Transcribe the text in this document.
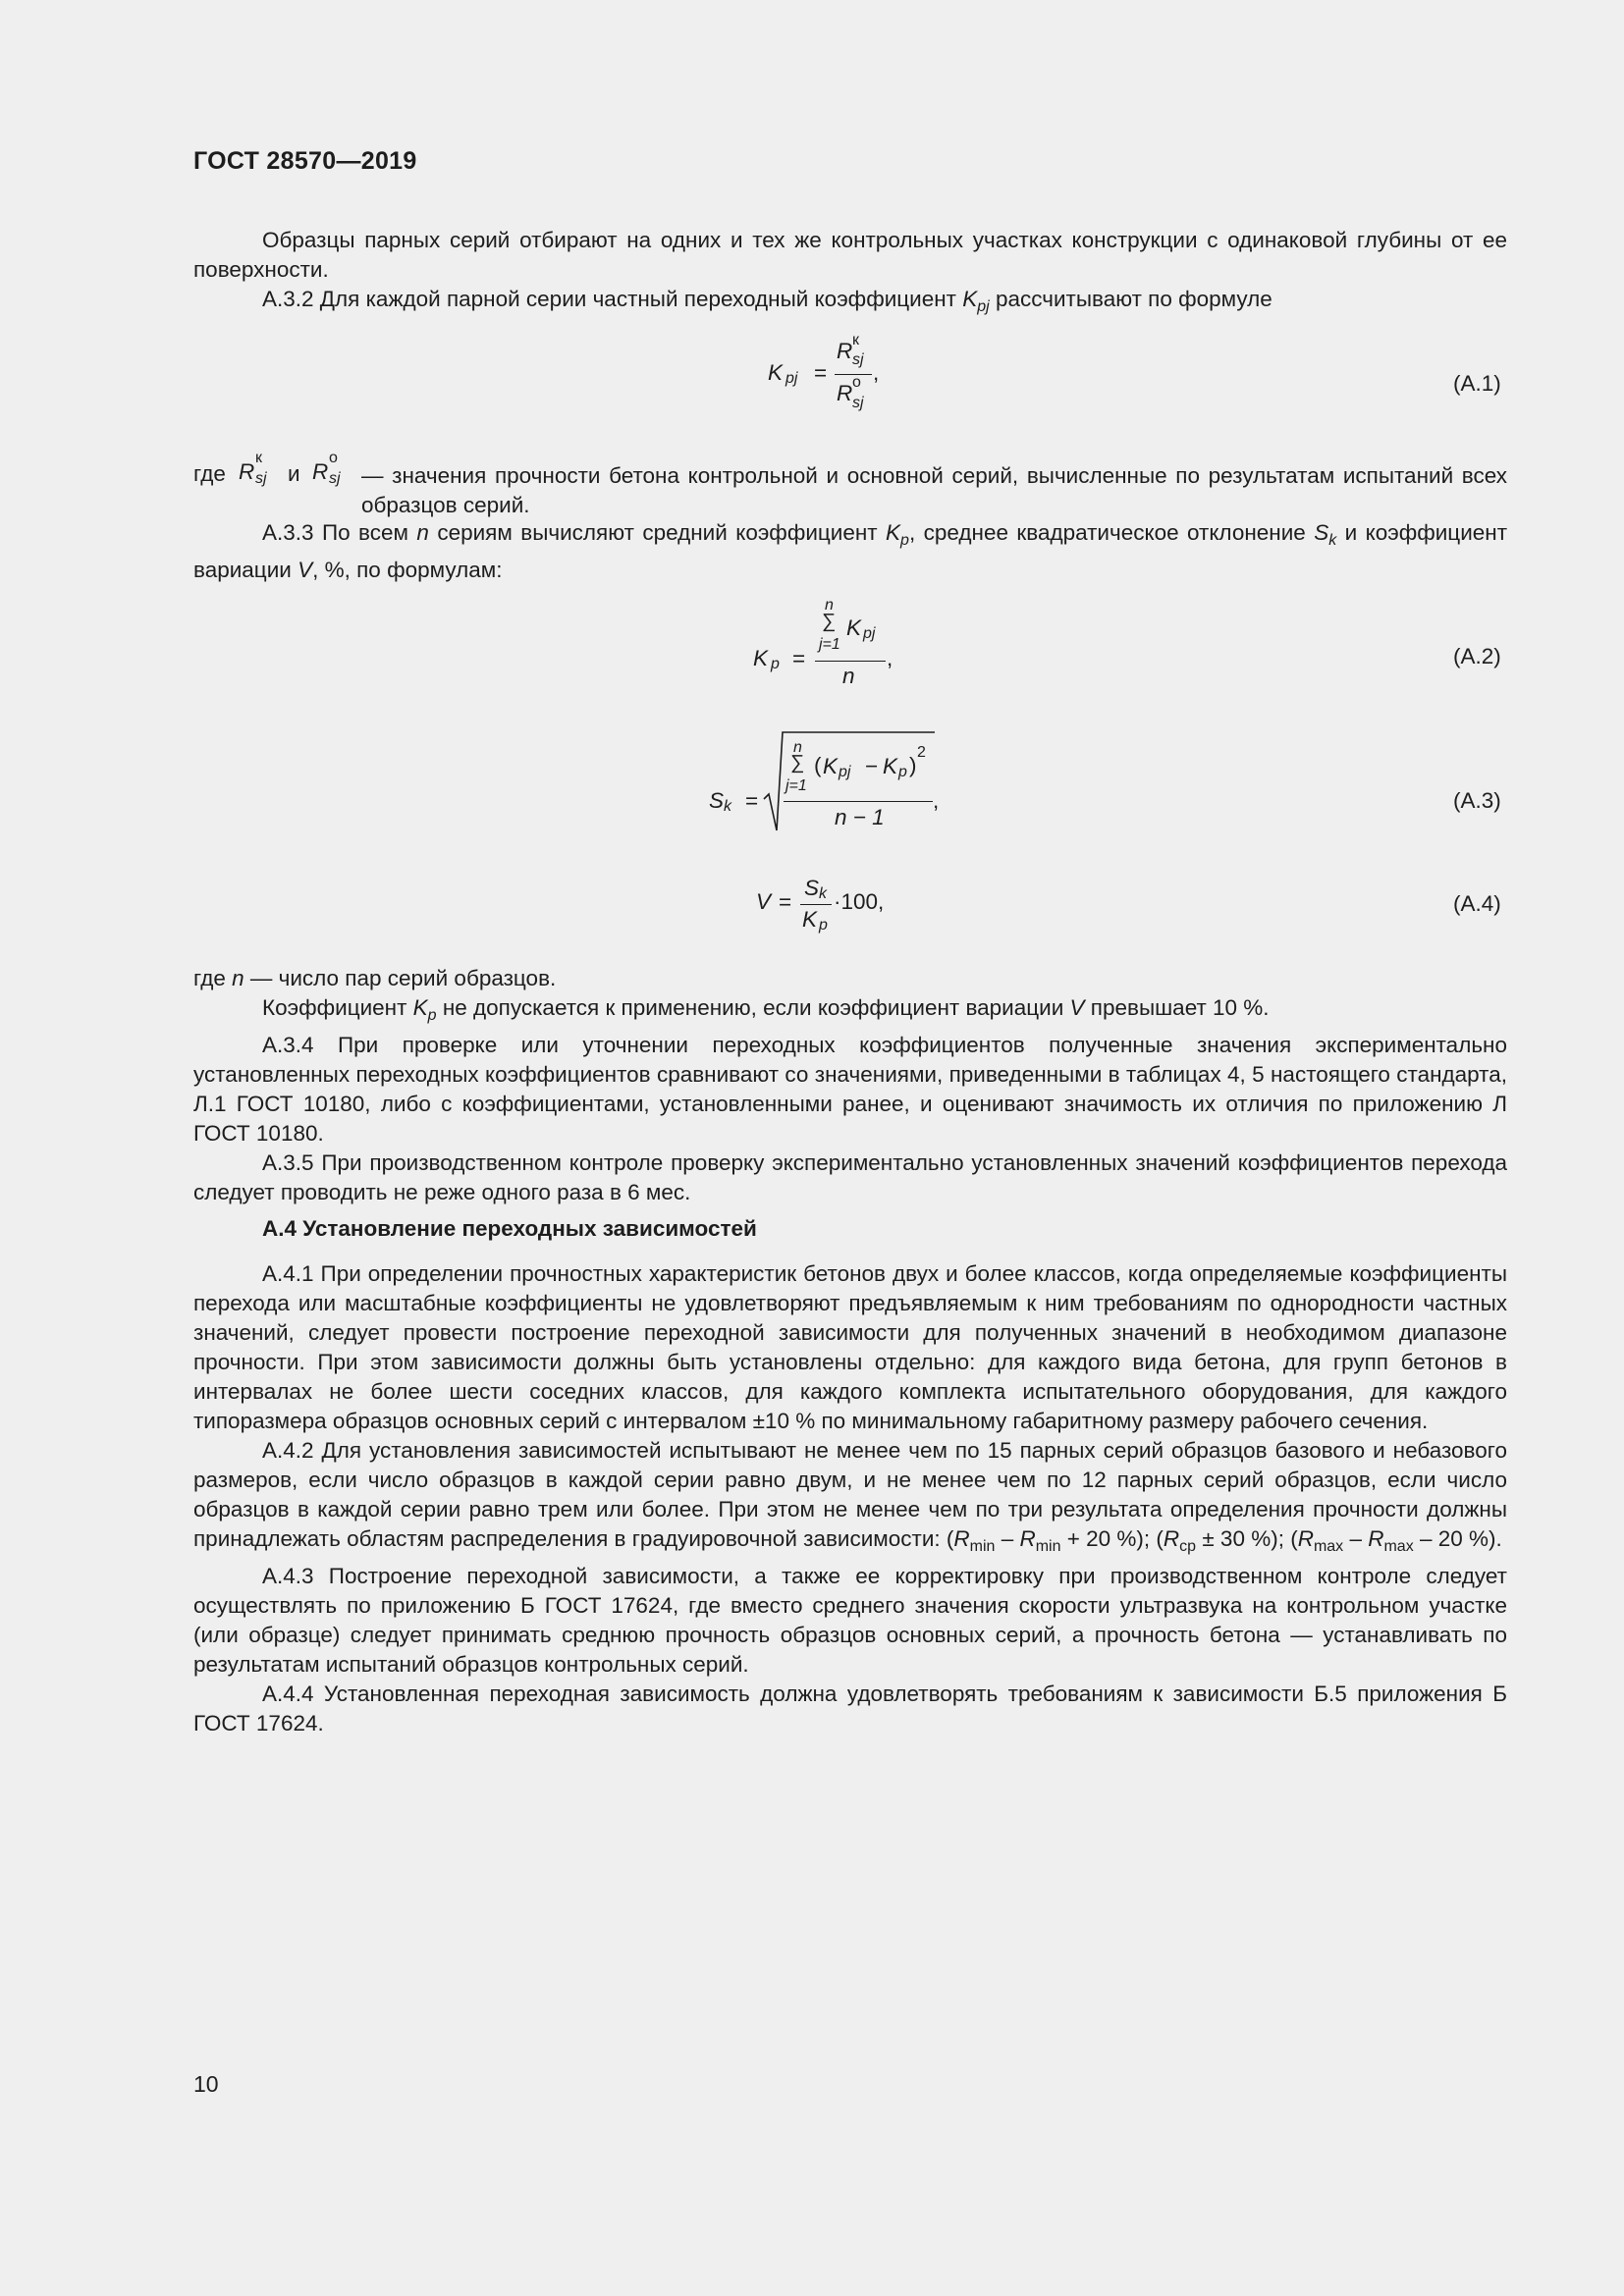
ГОСТ 28570—2019

Образцы парных серий отбирают на одних и тех же контрольных участках конструкции с одинаковой глубины от ее поверхности.

А.3.2 Для каждой парной серии частный переходный коэффициент $K_{pj}$ рассчитывают по формуле

K pj =
R к
sj
R о
sj
,	(А.1)
где R
к
sj и R
о
sj — значения прочности бетона контрольной и основной серий, вычисленные по результатам испытаний всех образцов серий.

А.3.3 По всем n сериям вычисляют средний коэффициент $K_p$, среднее квадратическое отклонение $S_k$ и коэффициент вариации V, %, по формулам:

K p =
n
∑
j=1
K pj
n
,	(А.2)
S k =
n
∑
j=1
( K pj − K p )
2
n − 1
,	(А.3)
V =
S k
K p
·100,	(А.4)

где n — число пар серий образцов.

Коэффициент $K_p$ не допускается к применению, если коэффициент вариации V превышает 10 %.

А.3.4 При проверке или уточнении переходных коэффициентов полученные значения экспериментально установленных переходных коэффициентов сравнивают со значениями, приведенными в таблицах 4, 5 настоящего стандарта, Л.1 ГОСТ 10180, либо с коэффициентами, установленными ранее, и оценивают значимость их отличия по приложению Л ГОСТ 10180.

А.3.5 При производственном контроле проверку экспериментально установленных значений коэффициентов перехода следует проводить не реже одного раза в 6 мес.

А.4 Установление переходных зависимостей

А.4.1 При определении прочностных характеристик бетонов двух и более классов, когда определяемые коэффициенты перехода или масштабные коэффициенты не удовлетворяют предъявляемым к ним требованиям по однородности частных значений, следует провести построение переходной зависимости для полученных значений в необходимом диапазоне прочности. При этом зависимости должны быть установлены отдельно: для каждого вида бетона, для групп бетонов в интервалах не более шести соседних классов, для каждого комплекта испытательного оборудования, для каждого типоразмера образцов основных серий с интервалом ±10 % по минимальному габаритному размеру рабочего сечения.

А.4.2 Для установления зависимостей испытывают не менее чем по 15 парных серий образцов базового и небазового размеров, если число образцов в каждой серии равно двум, и не менее чем по 12 парных серий образцов, если число образцов в каждой серии равно трем или более. При этом не менее чем по три результата определения прочности должны принадлежать областям распределения в градуировочной зависимости: ($R_{min} - R_{min} + 20$ %); ($R_{ср} \pm 30$ %); ($R_{max} - R_{max} - 20$ %).

А.4.3 Построение переходной зависимости, а также ее корректировку при производственном контроле следует осуществлять по приложению Б ГОСТ 17624, где вместо среднего значения скорости ультразвука на контрольном участке (или образце) следует принимать среднюю прочность образцов основных серий, а прочность бетона — устанавливать по результатам испытаний образцов контрольных серий.

А.4.4 Установленная переходная зависимость должна удовлетворять требованиям к зависимости Б.5 приложения Б ГОСТ 17624.

10
